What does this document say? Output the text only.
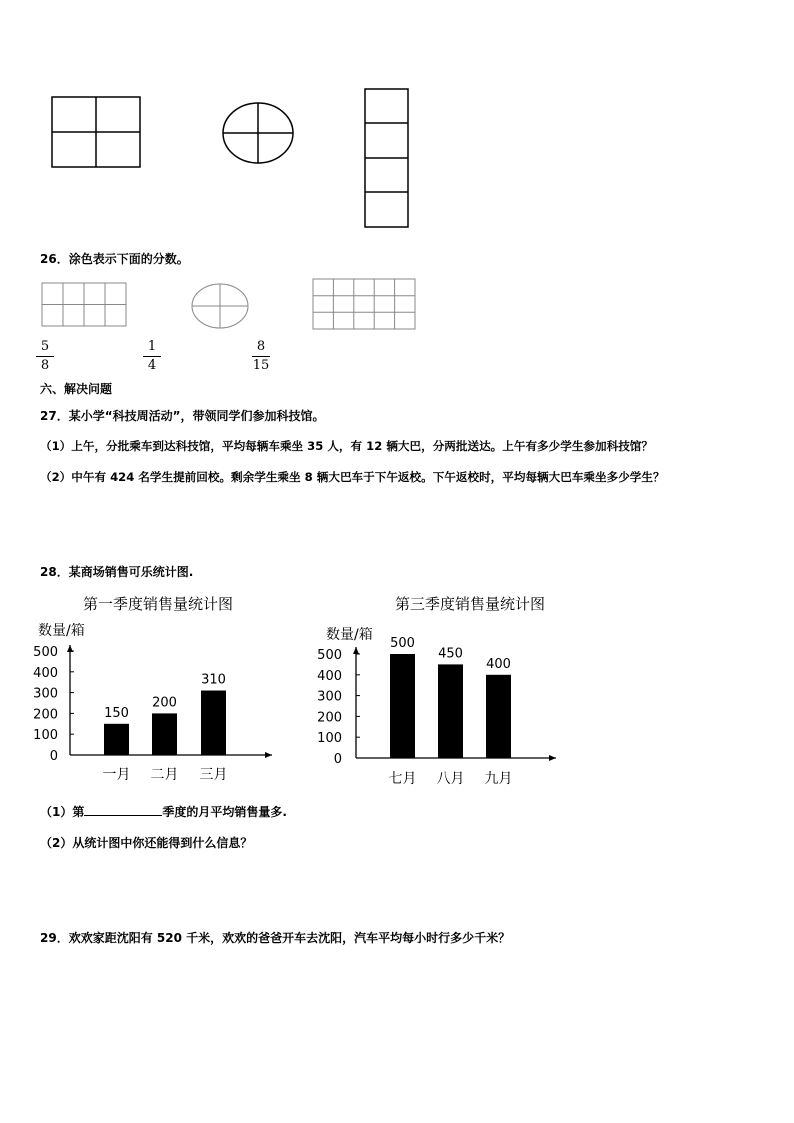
26．涂色表示下面的分数。
5
8
1
4
8
15
六、解决问题
27．某小学“科技周活动”，带领同学们参加科技馆。
（1）上午，分批乘车到达科技馆，平均每辆车乘坐 35 人，有 12 辆大巴，分两批送达。上午有多少学生参加科技馆？
（2）中午有 424 名学生提前回校。剩余学生乘坐 8 辆大巴车于下午返校。下午返校时，平均每辆大巴车乘坐多少学生？
28．某商场销售可乐统计图.
第一季度销售量统计图
数量/箱
0
100
200
300
400
500
150
一月
200
二月
310
三月
第三季度销售量统计图
数量/箱
0
100
200
300
400
500
500
七月
450
八月
400
九月
（1）第	季度的月平均销售量多.
（2）从统计图中你还能得到什么信息？
29．欢欢家距沈阳有 520 千米，欢欢的爸爸开车去沈阳，汽车平均每小时行多少千米？
